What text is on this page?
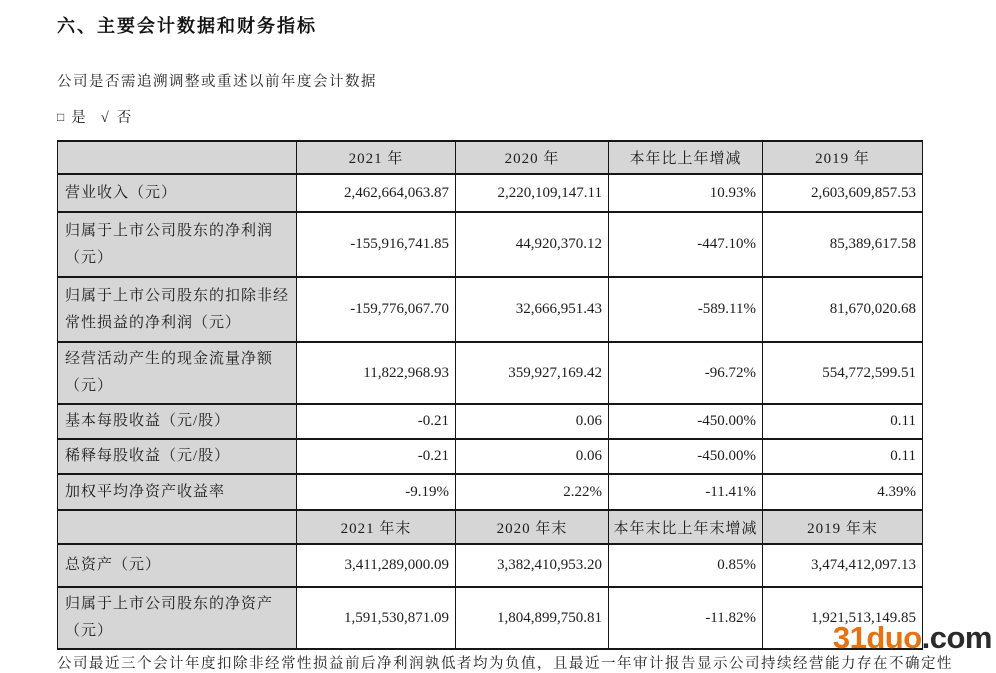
六、主要会计数据和财务指标

公司是否需追溯调整或重述以前年度会计数据

□ 是 √ 否

	2021 年	2020 年	本年比上年增减	2019 年
营业收入（元）	2,462,664,063.87	2,220,109,147.11	10.93%	2,603,609,857.53
归属于上市公司股东的净利润（元）	-155,916,741.85	44,920,370.12	-447.10%	85,389,617.58
归属于上市公司股东的扣除非经常性损益的净利润（元）	-159,776,067.70	32,666,951.43	-589.11%	81,670,020.68
经营活动产生的现金流量净额（元）	11,822,968.93	359,927,169.42	-96.72%	554,772,599.51
基本每股收益（元/股）	-0.21	0.06	-450.00%	0.11
稀释每股收益（元/股）	-0.21	0.06	-450.00%	0.11
加权平均净资产收益率	-9.19%	2.22%	-11.41%	4.39%
	2021 年末	2020 年末	本年末比上年末增减	2019 年末
总资产（元）	3,411,289,000.09	3,382,410,953.20	0.85%	3,474,412,097.13
归属于上市公司股东的净资产（元）	1,591,530,871.09	1,804,899,750.81	-11.82%	1,921,513,149.85
公司最近三个会计年度扣除非经常性损益前后净利润孰低者均为负值，且最近一年审计报告显示公司持续经营能力存在不确定性
31duo.com
